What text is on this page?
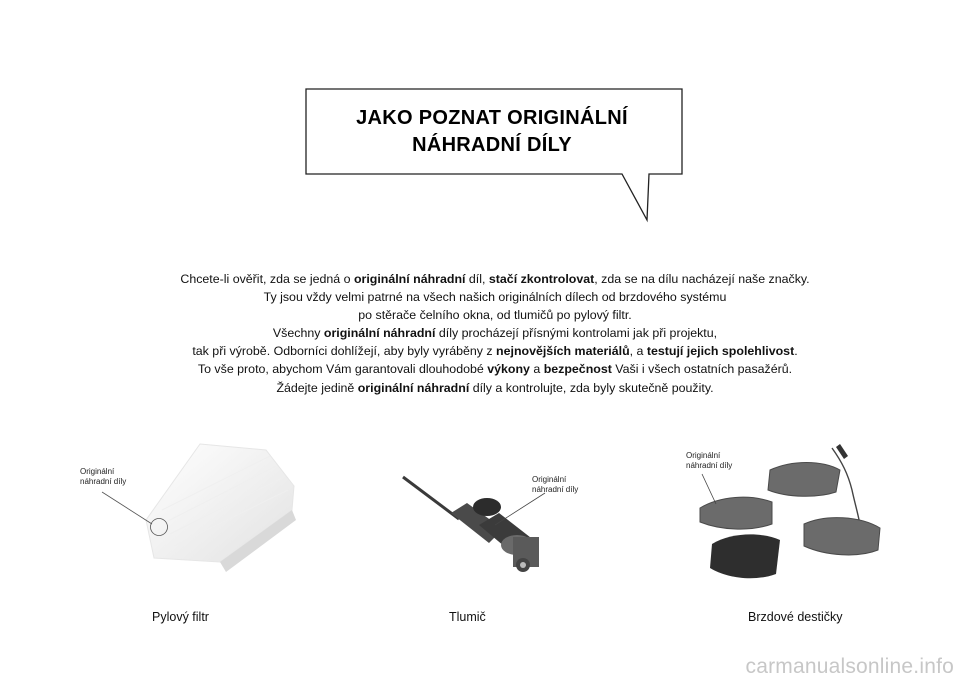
JAKO POZNAT ORIGINÁLNÍ
NÁHRADNÍ DÍLY
Chcete-li ověřit, zda se jedná o originální náhradní díl, stačí zkontrolovat, zda se na dílu nacházejí naše značky.
Ty jsou vždy velmi patrné na všech našich originálních dílech od brzdového systému
po stěrače čelního okna, od tlumičů po pylový filtr.
Všechny originální náhradní díly procházejí přísnými kontrolami jak při projektu,
tak při výrobě. Odborníci dohlížejí, aby byly vyráběny z nejnovějších materiálů, a testují jejich spolehlivost.
To vše proto, abychom Vám garantovali dlouhodobé výkony a bezpečnost Vaši i všech ostatních pasažérů.
Žádejte jedině originální náhradní díly a kontrolujte, zda byly skutečně použity.
Originální
náhradní díly
Pylový filtr
Originální
náhradní díly
Tlumič
Originální
náhradní díly
Brzdové destičky
carmanualsonline.info
